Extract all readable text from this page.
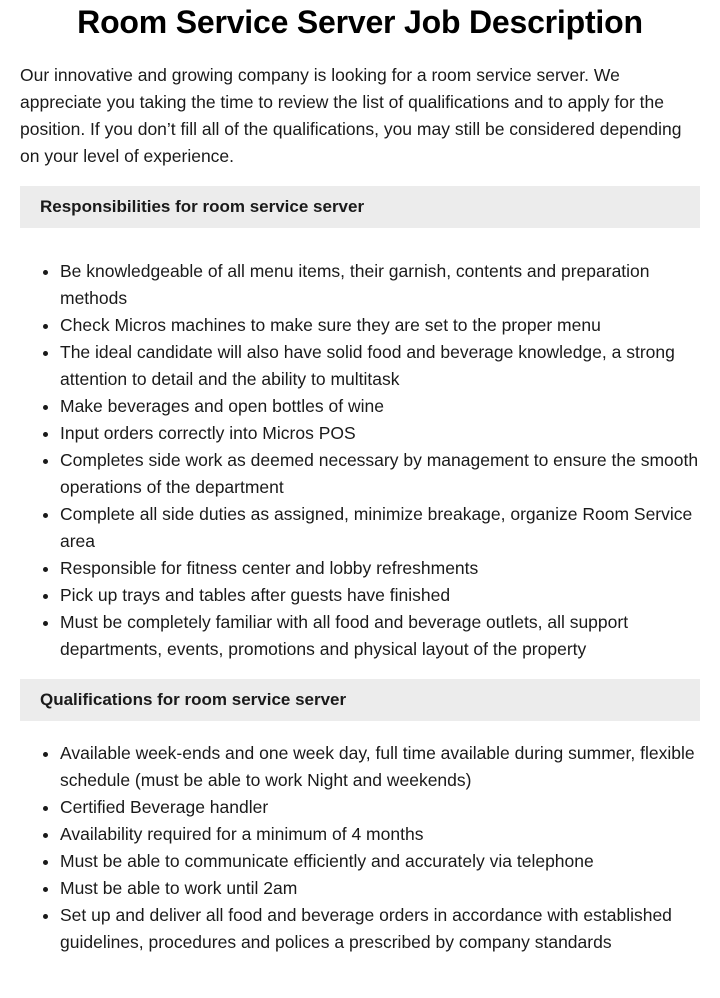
Room Service Server Job Description

Our innovative and growing company is looking for a room service server. We appreciate you taking the time to review the list of qualifications and to apply for the position. If you don’t fill all of the qualifications, you may still be considered depending on your level of experience.

Responsibilities for room service server
• Be knowledgeable of all menu items, their garnish, contents and preparation methods
• Check Micros machines to make sure they are set to the proper menu
• The ideal candidate will also have solid food and beverage knowledge, a strong attention to detail and the ability to multitask
• Make beverages and open bottles of wine
• Input orders correctly into Micros POS
• Completes side work as deemed necessary by management to ensure the smooth operations of the department
• Complete all side duties as assigned, minimize breakage, organize Room Service area
• Responsible for fitness center and lobby refreshments
• Pick up trays and tables after guests have finished
• Must be completely familiar with all food and beverage outlets, all support departments, events, promotions and physical layout of the property
Qualifications for room service server
• Available week-ends and one week day, full time available during summer, flexible schedule (must be able to work Night and weekends)
• Certified Beverage handler
• Availability required for a minimum of 4 months
• Must be able to communicate efficiently and accurately via telephone
• Must be able to work until 2am
• Set up and deliver all food and beverage orders in accordance with established guidelines, procedures and polices a prescribed by company standards
